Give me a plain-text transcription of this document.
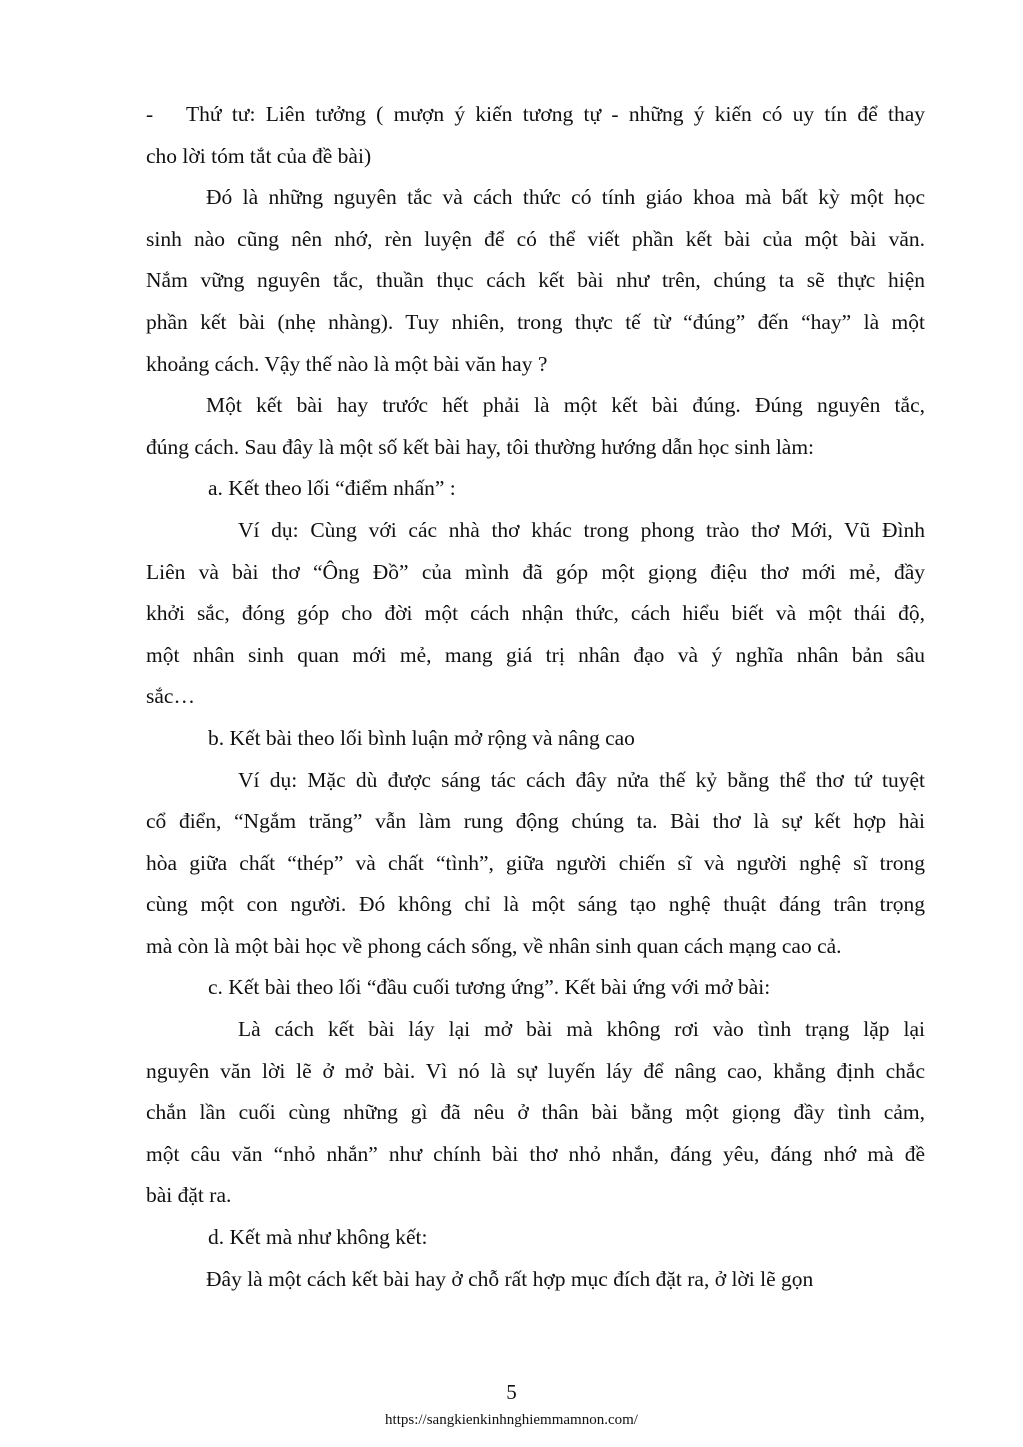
-	Thứ tư: Liên tưởng ( mượn ý kiến tương tự - những ý kiến có uy tín để thay
cho lời tóm tắt của đề bài)
Đó là những nguyên tắc và cách thức có tính giáo khoa mà bất kỳ một học
sinh nào cũng nên nhớ, rèn luyện để có thể viết phần kết bài của một bài văn.
Nắm vững nguyên tắc, thuần thục cách kết bài như trên, chúng ta sẽ thực hiện
phần kết bài (nhẹ nhàng). Tuy nhiên, trong thực tế từ “đúng” đến “hay” là một
khoảng cách. Vậy thế nào là một bài văn hay ?
Một kết bài hay trước hết phải là một kết bài đúng. Đúng nguyên tắc,
đúng cách. Sau đây là một số kết bài hay, tôi thường hướng dẫn học sinh làm:
a. Kết theo lối “điểm nhấn” :
Ví dụ: Cùng với các nhà thơ khác trong phong trào thơ Mới, Vũ Đình
Liên và bài thơ “Ông Đồ” của mình đã góp một giọng điệu thơ mới mẻ, đầy
khởi sắc, đóng góp cho đời một cách nhận thức, cách hiểu biết và một thái độ,
một nhân sinh quan mới mẻ, mang giá trị nhân đạo và ý nghĩa nhân bản sâu
sắc…
b. Kết bài theo lối bình luận mở rộng và nâng cao
Ví dụ: Mặc dù được sáng tác cách đây nửa thế kỷ bằng thể thơ tứ tuyệt
cổ điển, “Ngắm trăng” vẫn làm rung động chúng ta. Bài thơ là sự kết hợp hài
hòa giữa chất “thép” và chất “tình”, giữa người chiến sĩ và người nghệ sĩ trong
cùng một con người. Đó không chỉ là một sáng tạo nghệ thuật đáng trân trọng
mà còn là một bài học về phong cách sống, về nhân sinh quan cách mạng cao cả.
c. Kết bài theo lối “đầu cuối tương ứng”. Kết bài ứng với mở bài:
Là cách kết bài láy lại mở bài mà không rơi vào tình trạng lặp lại
nguyên văn lời lẽ ở mở bài. Vì nó là sự luyến láy để nâng cao, khẳng định chắc
chắn lần cuối cùng những gì đã nêu ở thân bài bằng một giọng đầy tình cảm,
một câu văn “nhỏ nhắn” như chính bài thơ nhỏ nhắn, đáng yêu, đáng nhớ mà đề
bài đặt ra.
d. Kết mà như không kết:
Đây là một cách kết bài hay ở chỗ rất hợp mục đích đặt ra, ở lời lẽ gọn
5
https://sangkienkinhnghiemmamnon.com/
